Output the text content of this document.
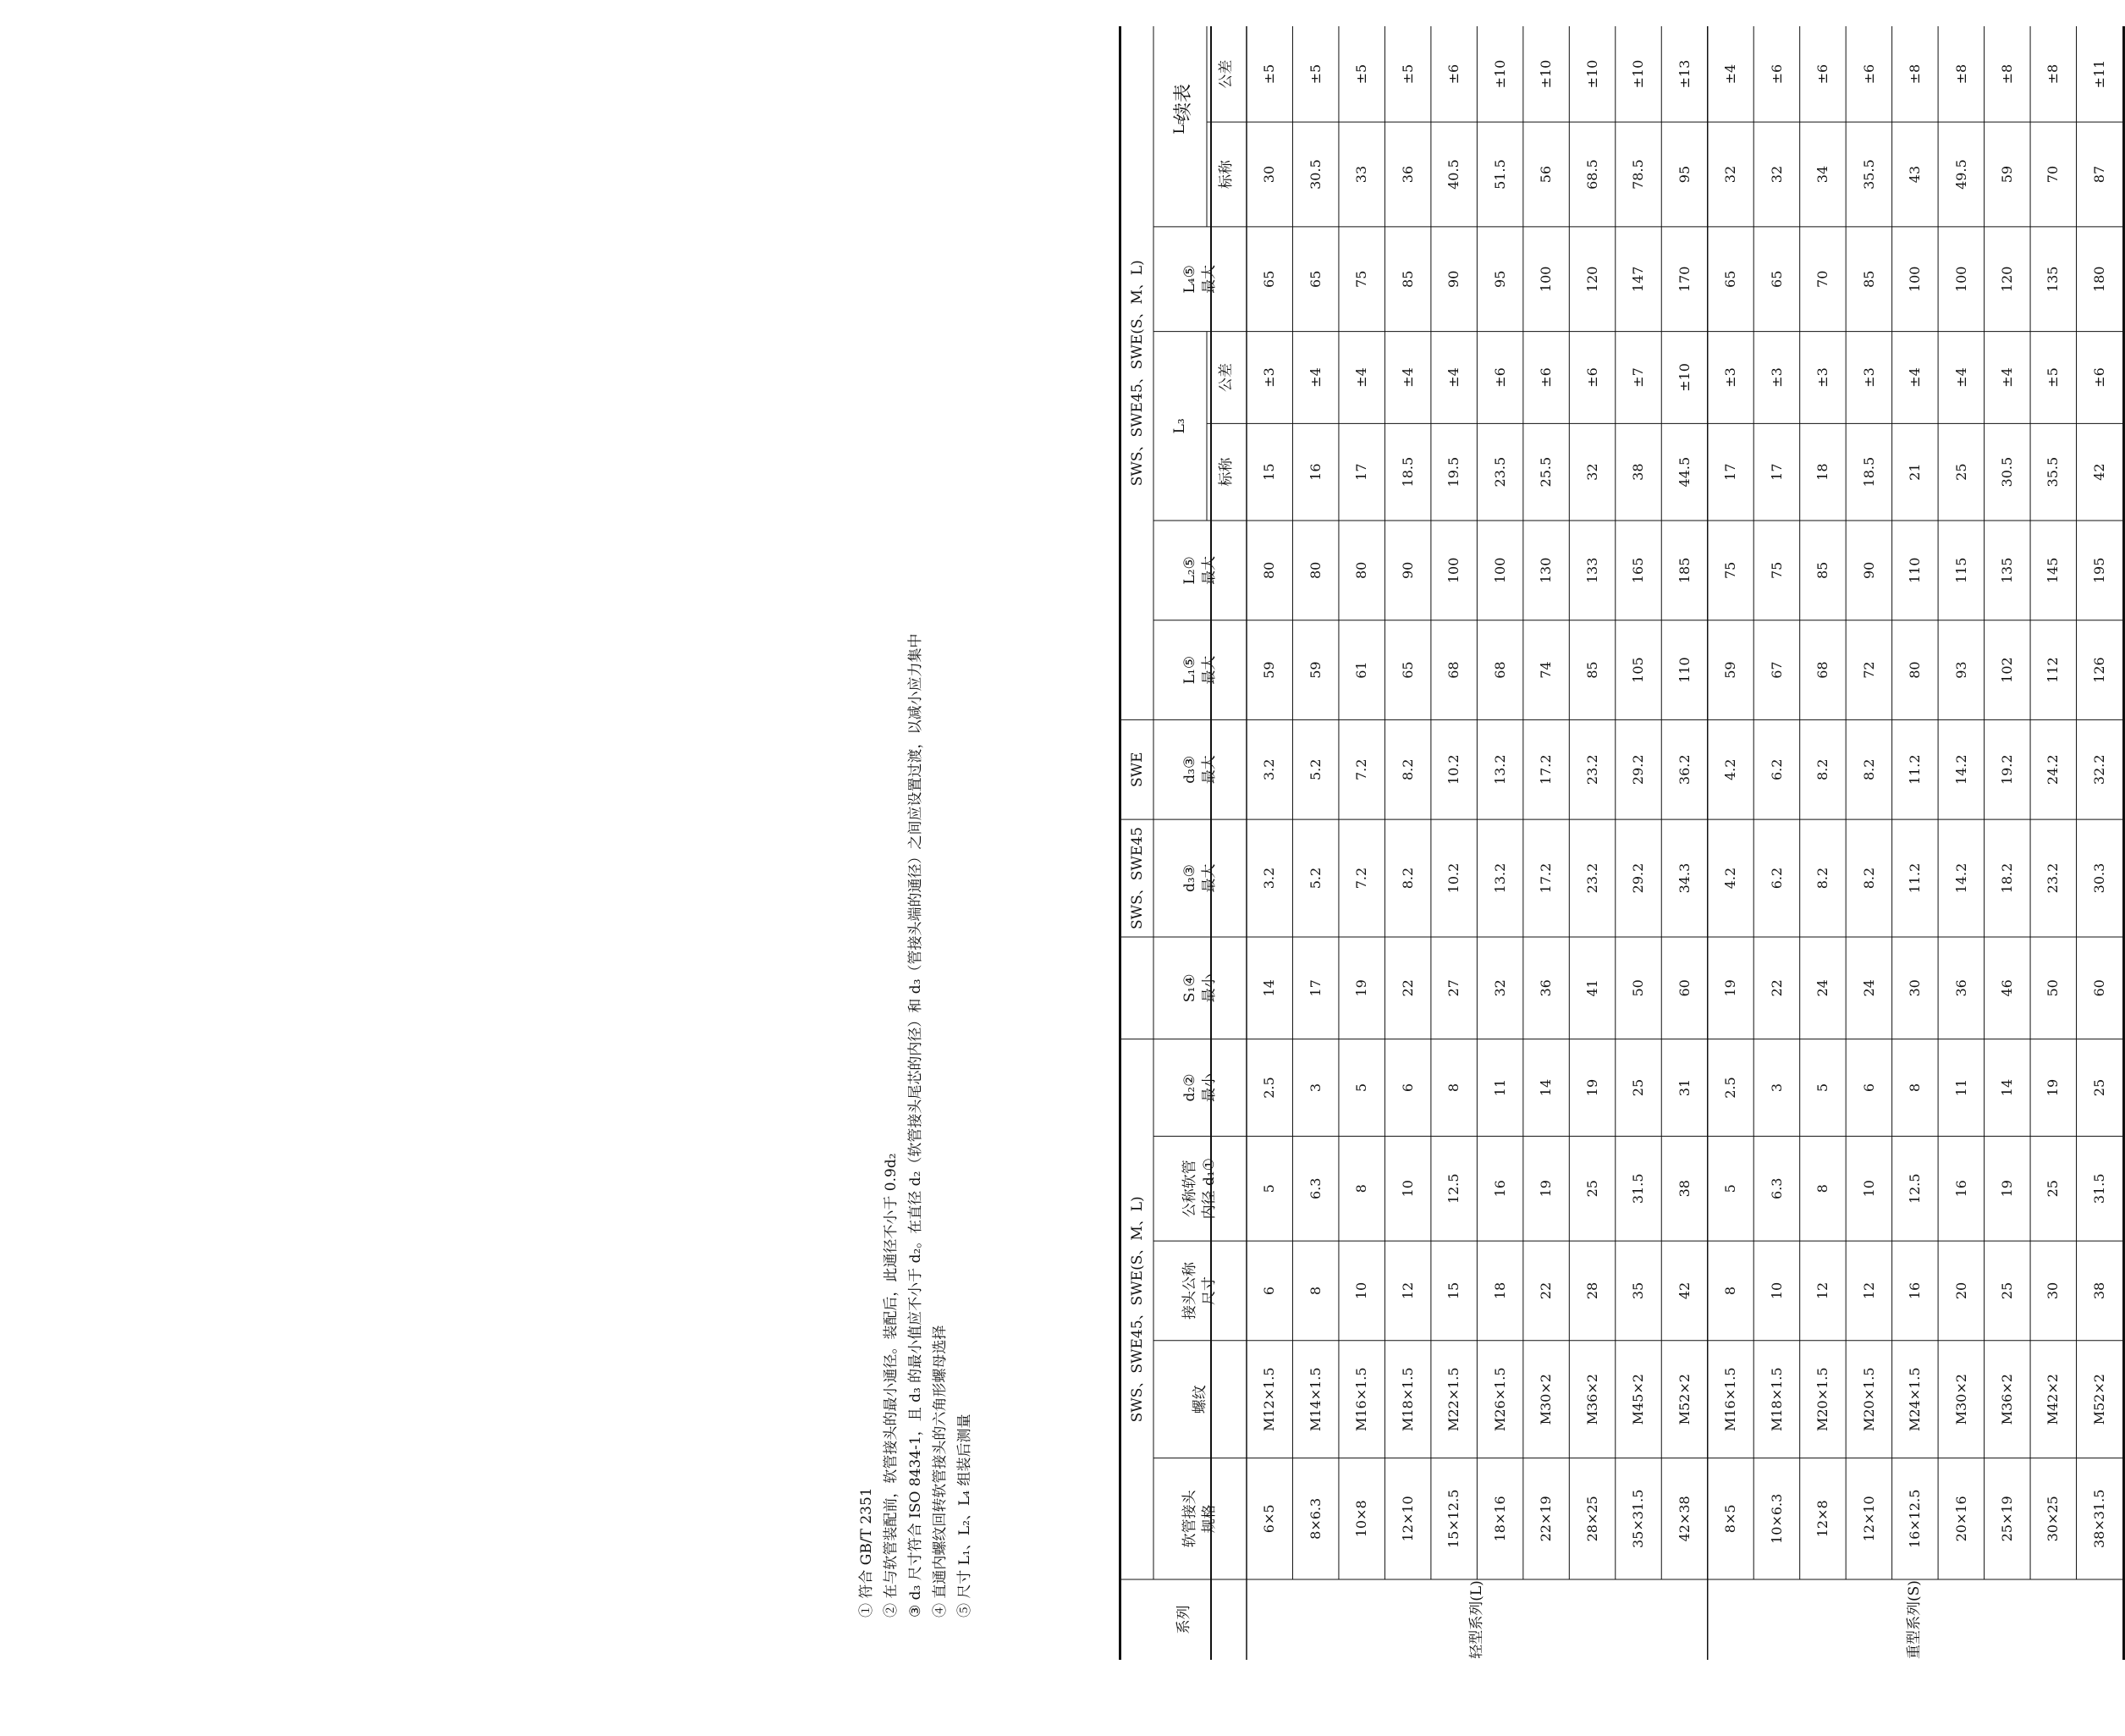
续表
系列
SWS、SWE45、SWE(S、M、L)
SWS、SWE45
SWE
SWS、SWE45、SWE(S、M、L)
软管接头 规格
螺纹
接头公称 尺寸
公称软管 内径 d₁①
d₂② 最小
S₁④ 最小
d₃③ 最大
d₃③ 最大
L₁⑤ 最大
L₂⑤ 最大
L₄⑤ 最大
L₃
标称
公差
L₅
标称
公差
轻型系列(L)	重型系列(S)
6×5
M12×1.5
6
5
2.5
14
3.2
3.2
59
80
15
±3
65
30
±5
8×6.3
M14×1.5
8
6.3
3
17
5.2
5.2
59
80
16
±4
65
30.5
±5
10×8
M16×1.5
10
8
5
19
7.2
7.2
61
80
17
±4
75
33
±5
12×10
M18×1.5
12
10
6
22
8.2
8.2
65
90
18.5
±4
85
36
±5
15×12.5
M22×1.5
15
12.5
8
27
10.2
10.2
68
100
19.5
±4
90
40.5
±6
18×16
M26×1.5
18
16
11
32
13.2
13.2
68
100
23.5
±6
95
51.5
±10
22×19
M30×2
22
19
14
36
17.2
17.2
74
130
25.5
±6
100
56
±10
28×25
M36×2
28
25
19
41
23.2
23.2
85
133
32
±6
120
68.5
±10
35×31.5
M45×2
35
31.5
25
50
29.2
29.2
105
165
38
±7
147
78.5
±10
42×38
M52×2
42
38
31
60
34.3
36.2
110
185
44.5
±10
170
95
±13
8×5
M16×1.5
8
5
2.5
19
4.2
4.2
59
75
17
±3
65
32
±4
10×6.3
M18×1.5
10
6.3
3
22
6.2
6.2
67
75
17
±3
65
32
±6
12×8
M20×1.5
12
8
5
24
8.2
8.2
68
85
18
±3
70
34
±6
12×10
M20×1.5
12
10
6
24
8.2
8.2
72
90
18.5
±3
85
35.5
±6
16×12.5
M24×1.5
16
12.5
8
30
11.2
11.2
80
110
21
±4
100
43
±8
20×16
M30×2
20
16
11
36
14.2
14.2
93
115
25
±4
100
49.5
±8
25×19
M36×2
25
19
14
46
18.2
19.2
102
135
30.5
±4
120
59
±8
30×25
M42×2
30
25
19
50
23.2
24.2
112
145
35.5
±5
135
70
±8
38×31.5
M52×2
38
31.5
25
60
30.3
32.2
126
195
42
±6
180
87
±11
① 符合 GB/T 2351 ② 在与软管装配前，软管接头的最小通径。装配后，此通径不小于 0.9d₂ ③ d₃ 尺寸符合 ISO 8434-1，且 d₃ 的最小值应不小于 d₂。在直径 d₂（软管接头尾芯的内径）和 d₃（管接头端的通径）之间应设置过渡，以减小应力集中 ④ 直通内螺纹回转软管接头的六角形螺母选择 ⑤ 尺寸 L₁、L₂、L₄ 组装后测量
